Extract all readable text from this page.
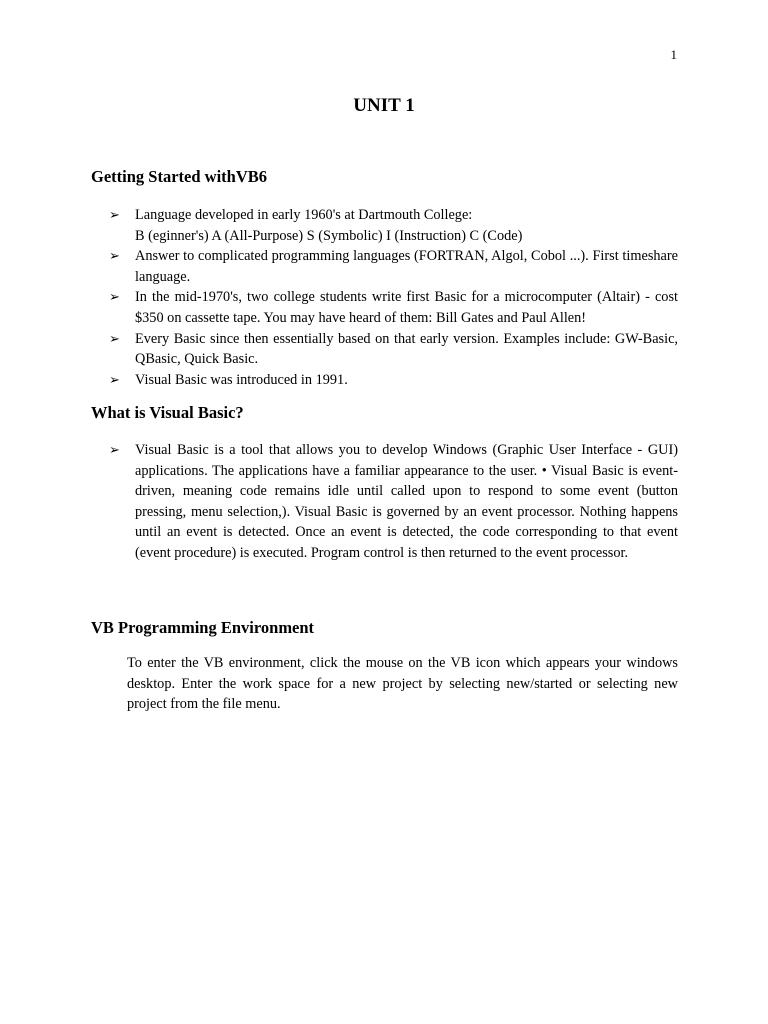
1
UNIT 1
Getting Started withVB6
➢ Language developed in early 1960's at Dartmouth College:
B (eginner's) A (All-Purpose) S (Symbolic) I (Instruction) C (Code)
➢ Answer to complicated programming languages (FORTRAN, Algol, Cobol ...). First timeshare language.
➢ In the mid-1970's, two college students write first Basic for a microcomputer (Altair) - cost $350 on cassette tape. You may have heard of them: Bill Gates and Paul Allen!
➢ Every Basic since then essentially based on that early version. Examples include: GW-Basic, QBasic, Quick Basic.
➢ Visual Basic was introduced in 1991.
What is Visual Basic?
➢ Visual Basic is a tool that allows you to develop Windows (Graphic User Interface - GUI) applications. The applications have a familiar appearance to the user. • Visual Basic is event-driven, meaning code remains idle until called upon to respond to some event (button pressing, menu selection,). Visual Basic is governed by an event processor. Nothing happens until an event is detected. Once an event is detected, the code corresponding to that event (event procedure) is executed. Program control is then returned to the event processor.
VB Programming Environment

To enter the VB environment, click the mouse on the VB icon which appears your windows desktop. Enter the work space for a new project by selecting new/started or selecting new project from the file menu.
